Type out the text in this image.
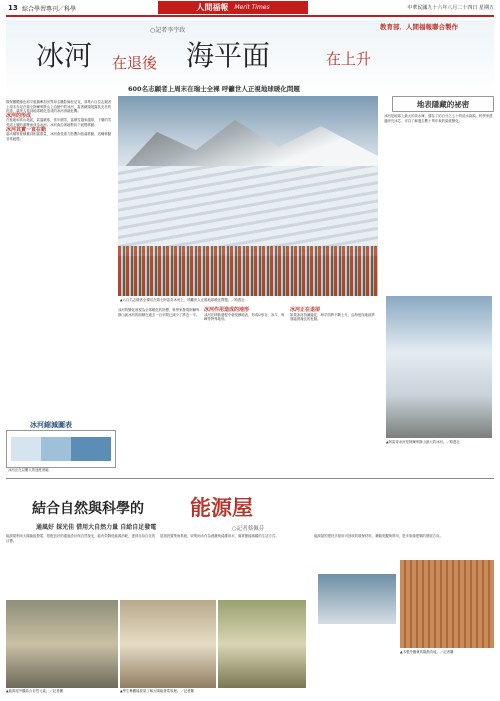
13 綜合學習專刊／科學	人間福報 Merit Times	中華民國九十六年八月二十四日 星期五
冰河 在退後 海平面	在上升
○記者李宇政	教育部．人間福報聯合製作
600名志願者上周末在瑞士全裸 呼籲世人正視地球暖化問題
環保團體綠色和平組織參加世界知名攝影師杜尼克，募集六百位志願者上周末赤足在瑞士阿爾卑斯山上洽繪中的冰河，當著鏡頭展露其光亮的皮膚，讓世人看到地球暖化造成的冰河消融危機。
冰河的形成
在極地和高山地區，氣溫嚴寒，常年積雪，當積雪越來越厚，下層的雪受到上層的重壓而成為冰河。冰河會沿著地勢向下緩慢移動。
冰河其實一直在動
當冰層厚度積累到相當重量，冰河會受重力影響向低處移動，這種移動非常緩慢。
冰河縮減圖表
冰河正在以驚人的速度消融
▲六百名志願者全裸站在瑞士阿雷奇冰河上，呼籲世人正視地球暖化問題。／路透社
冰河的變化被視為全球暖化的指標，科學家發現阿爾卑斯山區冰河的面積在過去一百年間已減少了將近一半。
冰河作用造成的地形
冰河在移動過程中會侵蝕地表，形成U形谷、冰斗、角峰等特殊地形。
冰河正在退卻
如果冰河持續融化，海平面將不斷上升，沿海低窪地區將面臨被淹沒的危險。
地表隱藏的祕密
冰河是地球上最大的淡水庫，儲存了約百分之七十的淡水資源。科學家透過研究冰芯，可以了解過去數十萬年來的氣候變化。
▲阿雷奇冰河是阿爾卑斯山最大的冰河。／路透社
結合自然與科學的 能源屋
通風好 採光佳 借用大自然力量 自給自足發電	○記者蔡佩芬
能源屋利用太陽能板發電，搭配良好的通風設計與自然採光，能有效降低能源消耗，達到自給自足的目標。
屋頂設置集雨系統，收集雨水作為澆灌與清潔用水，落實節能減碳的生活方式。	能源屋的建材多採用可回收的環保材料，兼顧美觀與實用，是未來綠建築的發展方向。
▲能源屋外觀結合自然元素。／記者攝	▲學生參觀能源屋了解太陽能發電原理。／記者攝
▲木製外牆兼具隔熱功能。／記者攝
